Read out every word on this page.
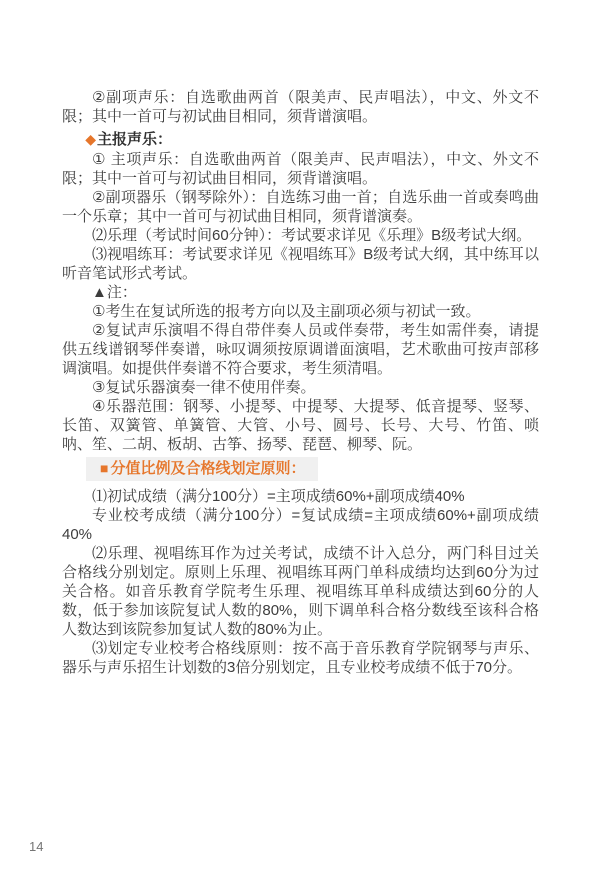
②副项声乐：自选歌曲两首（限美声、民声唱法），中文、外文不限；其中一首可与初试曲目相同，须背谱演唱。

◆主报声乐：

① 主项声乐：自选歌曲两首（限美声、民声唱法），中文、外文不限；其中一首可与初试曲目相同，须背谱演唱。

②副项器乐（钢琴除外）：自选练习曲一首；自选乐曲一首或奏鸣曲一个乐章；其中一首可与初试曲目相同，须背谱演奏。

⑵乐理（考试时间60分钟）：考试要求详见《乐理》B级考试大纲。

⑶视唱练耳：考试要求详见《视唱练耳》B级考试大纲，其中练耳以听音笔试形式考试。

▲注：

①考生在复试所选的报考方向以及主副项必须与初试一致。

②复试声乐演唱不得自带伴奏人员或伴奏带，考生如需伴奏，请提供五线谱钢琴伴奏谱，咏叹调须按原调谱面演唱，艺术歌曲可按声部移调演唱。如提供伴奏谱不符合要求，考生须清唱。

③复试乐器演奏一律不使用伴奏。

④乐器范围：钢琴、小提琴、中提琴、大提琴、低音提琴、竖琴、长笛、双簧管、单簧管、大管、小号、圆号、长号、大号、竹笛、唢呐、笙、二胡、板胡、古筝、扬琴、琵琶、柳琴、阮。

■ 分值比例及合格线划定原则：

⑴初试成绩（满分100分）=主项成绩60%+副项成绩40%

专业校考成绩（满分100分）=复试成绩=主项成绩60%+副项成绩40%

⑵乐理、视唱练耳作为过关考试，成绩不计入总分，两门科目过关合格线分别划定。原则上乐理、视唱练耳两门单科成绩均达到60分为过关合格。如音乐教育学院考生乐理、视唱练耳单科成绩达到60分的人数，低于参加该院复试人数的80%，则下调单科合格分数线至该科合格人数达到该院参加复试人数的80%为止。

⑶划定专业校考合格线原则：按不高于音乐教育学院钢琴与声乐、器乐与声乐招生计划数的3倍分别划定，且专业校考成绩不低于70分。

14
